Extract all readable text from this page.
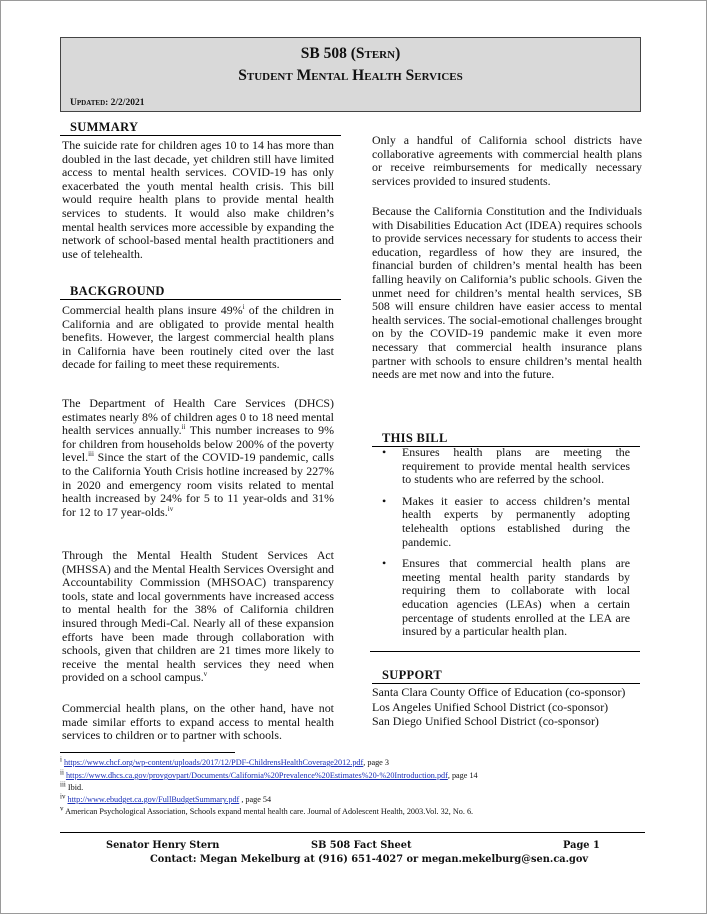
SB 508 (Stern)
Student Mental Health Services
Updated: 2/2/2021
SUMMARY

The suicide rate for children ages 10 to 14 has more than doubled in the last decade, yet children still have limited access to mental health services. COVID-19 has only exacerbated the youth mental health crisis. This bill would require health plans to provide mental health services to students. It would also make children’s mental health services more accessible by expanding the network of school-based mental health practitioners and use of telehealth.

BACKGROUND

Commercial health plans insure 49%$^i$ of the children in California and are obligated to provide mental health benefits. However, the largest commercial health plans in California have been routinely cited over the last decade for failing to meet these requirements.

The Department of Health Care Services (DHCS) estimates nearly 8% of children ages 0 to 18 need mental health services annually.$^{ii}$ This number increases to 9% for children from households below 200% of the poverty level.$^{iii}$ Since the start of the COVID-19 pandemic, calls to the California Youth Crisis hotline increased by 227% in 2020 and emergency room visits related to mental health increased by 24% for 5 to 11 year-olds and 31% for 12 to 17 year-olds.$^{iv}$

Through the Mental Health Student Services Act (MHSSA) and the Mental Health Services Oversight and Accountability Commission (MHSOAC) transparency tools, state and local governments have increased access to mental health for the 38% of California children insured through Medi-Cal. Nearly all of these expansion efforts have been made through collaboration with schools, given that children are 21 times more likely to receive the mental health services they need when provided on a school campus.$^v$

Commercial health plans, on the other hand, have not made similar efforts to expand access to mental health services to children or to partner with schools.

Only a handful of California school districts have collaborative agreements with commercial health plans or receive reimbursements for medically necessary services provided to insured students.

Because the California Constitution and the Individuals with Disabilities Education Act (IDEA) requires schools to provide services necessary for students to access their education, regardless of how they are insured, the financial burden of children’s mental health has been falling heavily on California’s public schools. Given the unmet need for children’s mental health services, SB 508 will ensure children have easier access to mental health services. The social-emotional challenges brought on by the COVID-19 pandemic make it even more necessary that commercial health insurance plans partner with schools to ensure children’s mental health needs are met now and into the future.

THIS BILL
• Ensures health plans are meeting the requirement to provide mental health services to students who are referred by the school.
• Makes it easier to access children’s mental health experts by permanently adopting telehealth options established during the pandemic.
• Ensures that commercial health plans are meeting mental health parity standards by requiring them to collaborate with local education agencies (LEAs) when a certain percentage of students enrolled at the LEA are insured by a particular health plan.
SUPPORT
Santa Clara County Office of Education (co-sponsor)
Los Angeles Unified School District (co-sponsor)
San Diego Unified School District (co-sponsor)
$^i$ https://www.chcf.org/wp-content/uploads/2017/12/PDF-ChildrensHealthCoverage2012.pdf, page 3
$^{ii}$ https://www.dhcs.ca.gov/provgovpart/Documents/California%20Prevalence%20Estimates%20-%20Introduction.pdf, page 14
$^{iii}$ Ibid.
$^{iv}$ http://www.ebudget.ca.gov/FullBudgetSummary.pdf , page 54
$^v$ American Psychological Association, Schools expand mental health care. Journal of Adolescent Health, 2003.Vol. 32, No. 6.
Senator Henry Stern	SB 508 Fact Sheet	Page 1
Contact: Megan Mekelburg at (916) 651-4027 or megan.mekelburg@sen.ca.gov
